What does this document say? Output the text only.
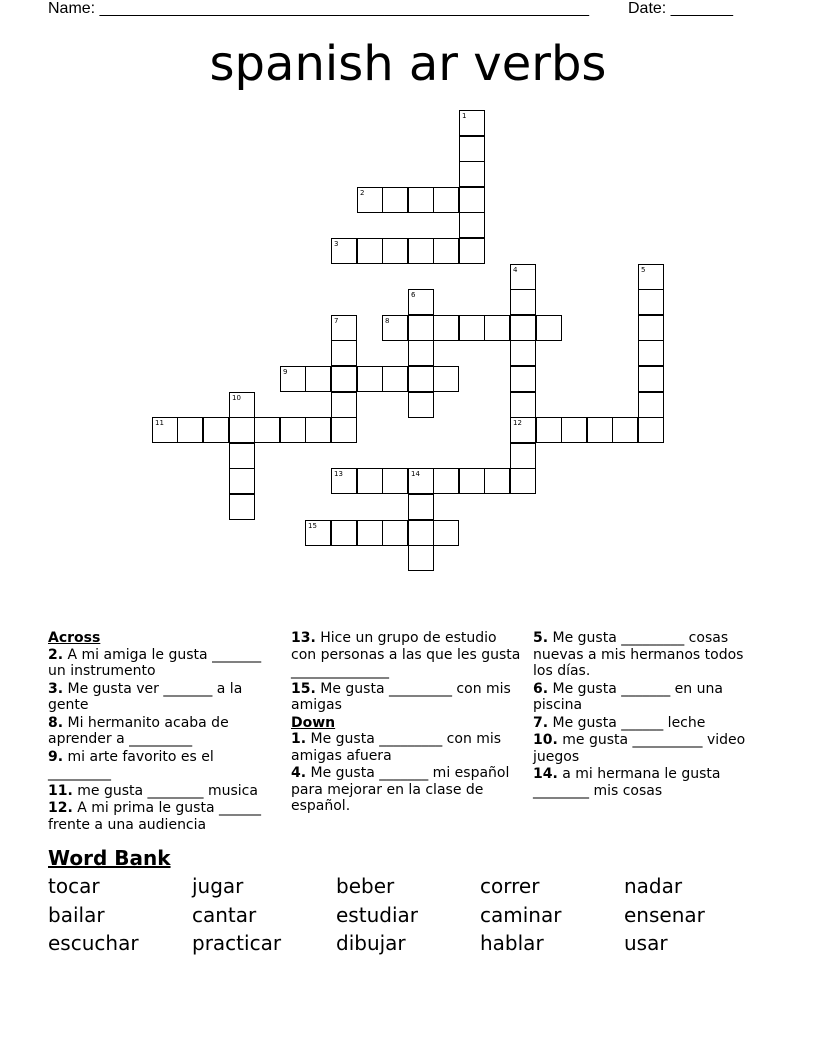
Name: _______________________________________________________ Date: _______
spanish ar verbs
1
2
3
4	5
6
7	8
9
10
11	12
13	14
15
Across
2. A mi amiga le gusta _______ un instrumento
3. Me gusta ver _______ a la gente
8. Mi hermanito acaba de aprender a _________
9. mi arte favorito es el _________
11. me gusta ________ musica
12. A mi prima le gusta ______ frente a una audiencia
13. Hice un grupo de estudio con personas a las que les gusta ______________
15. Me gusta _________ con mis amigas
Down
1. Me gusta _________ con mis amigas afuera
4. Me gusta _______ mi español para mejorar en la clase de español.
5. Me gusta _________ cosas nuevas a mis hermanos todos los días.
6. Me gusta _______ en una piscina
7. Me gusta ______ leche
10. me gusta __________ video juegos
14. a mi hermana le gusta ________ mis cosas
Word Bank
tocar	jugar	beber	correr	nadar
bailar	cantar	estudiar	caminar	ensenar
escuchar	practicar	dibujar	hablar	usar
